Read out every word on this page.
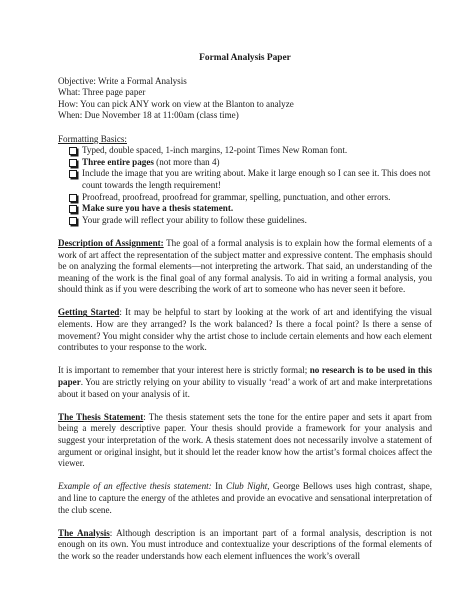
Formal Analysis Paper
Objective: Write a Formal Analysis
What: Three page paper
How: You can pick ANY work on view at the Blanton to analyze
When: Due November 18 at 11:00am (class time)
Formatting Basics:
Typed, double spaced, 1-inch margins, 12-point Times New Roman font.
Three entire pages (not more than 4)
Include the image that you are writing about. Make it large enough so I can see it. This does not count towards the length requirement!
Proofread, proofread, proofread for grammar, spelling, punctuation, and other errors.
Make sure you have a thesis statement.
Your grade will reflect your ability to follow these guidelines.

Description of Assignment: The goal of a formal analysis is to explain how the formal elements of a work of art affect the representation of the subject matter and expressive content. The emphasis should be on analyzing the formal elements—not interpreting the artwork. That said, an understanding of the meaning of the work is the final goal of any formal analysis. To aid in writing a formal analysis, you should think as if you were describing the work of art to someone who has never seen it before.

Getting Started: It may be helpful to start by looking at the work of art and identifying the visual elements. How are they arranged? Is the work balanced? Is there a focal point? Is there a sense of movement? You might consider why the artist chose to include certain elements and how each element contributes to your response to the work.

It is important to remember that your interest here is strictly formal; no research is to be used in this paper. You are strictly relying on your ability to visually ‘read’ a work of art and make interpretations about it based on your analysis of it.

The Thesis Statement: The thesis statement sets the tone for the entire paper and sets it apart from being a merely descriptive paper. Your thesis should provide a framework for your analysis and suggest your interpretation of the work. A thesis statement does not necessarily involve a statement of argument or original insight, but it should let the reader know how the artist’s formal choices affect the viewer.

Example of an effective thesis statement: In Club Night, George Bellows uses high contrast, shape, and line to capture the energy of the athletes and provide an evocative and sensational interpretation of the club scene.

The Analysis: Although description is an important part of a formal analysis, description is not enough on its own. You must introduce and contextualize your descriptions of the formal elements of the work so the reader understands how each element influences the work’s overall
